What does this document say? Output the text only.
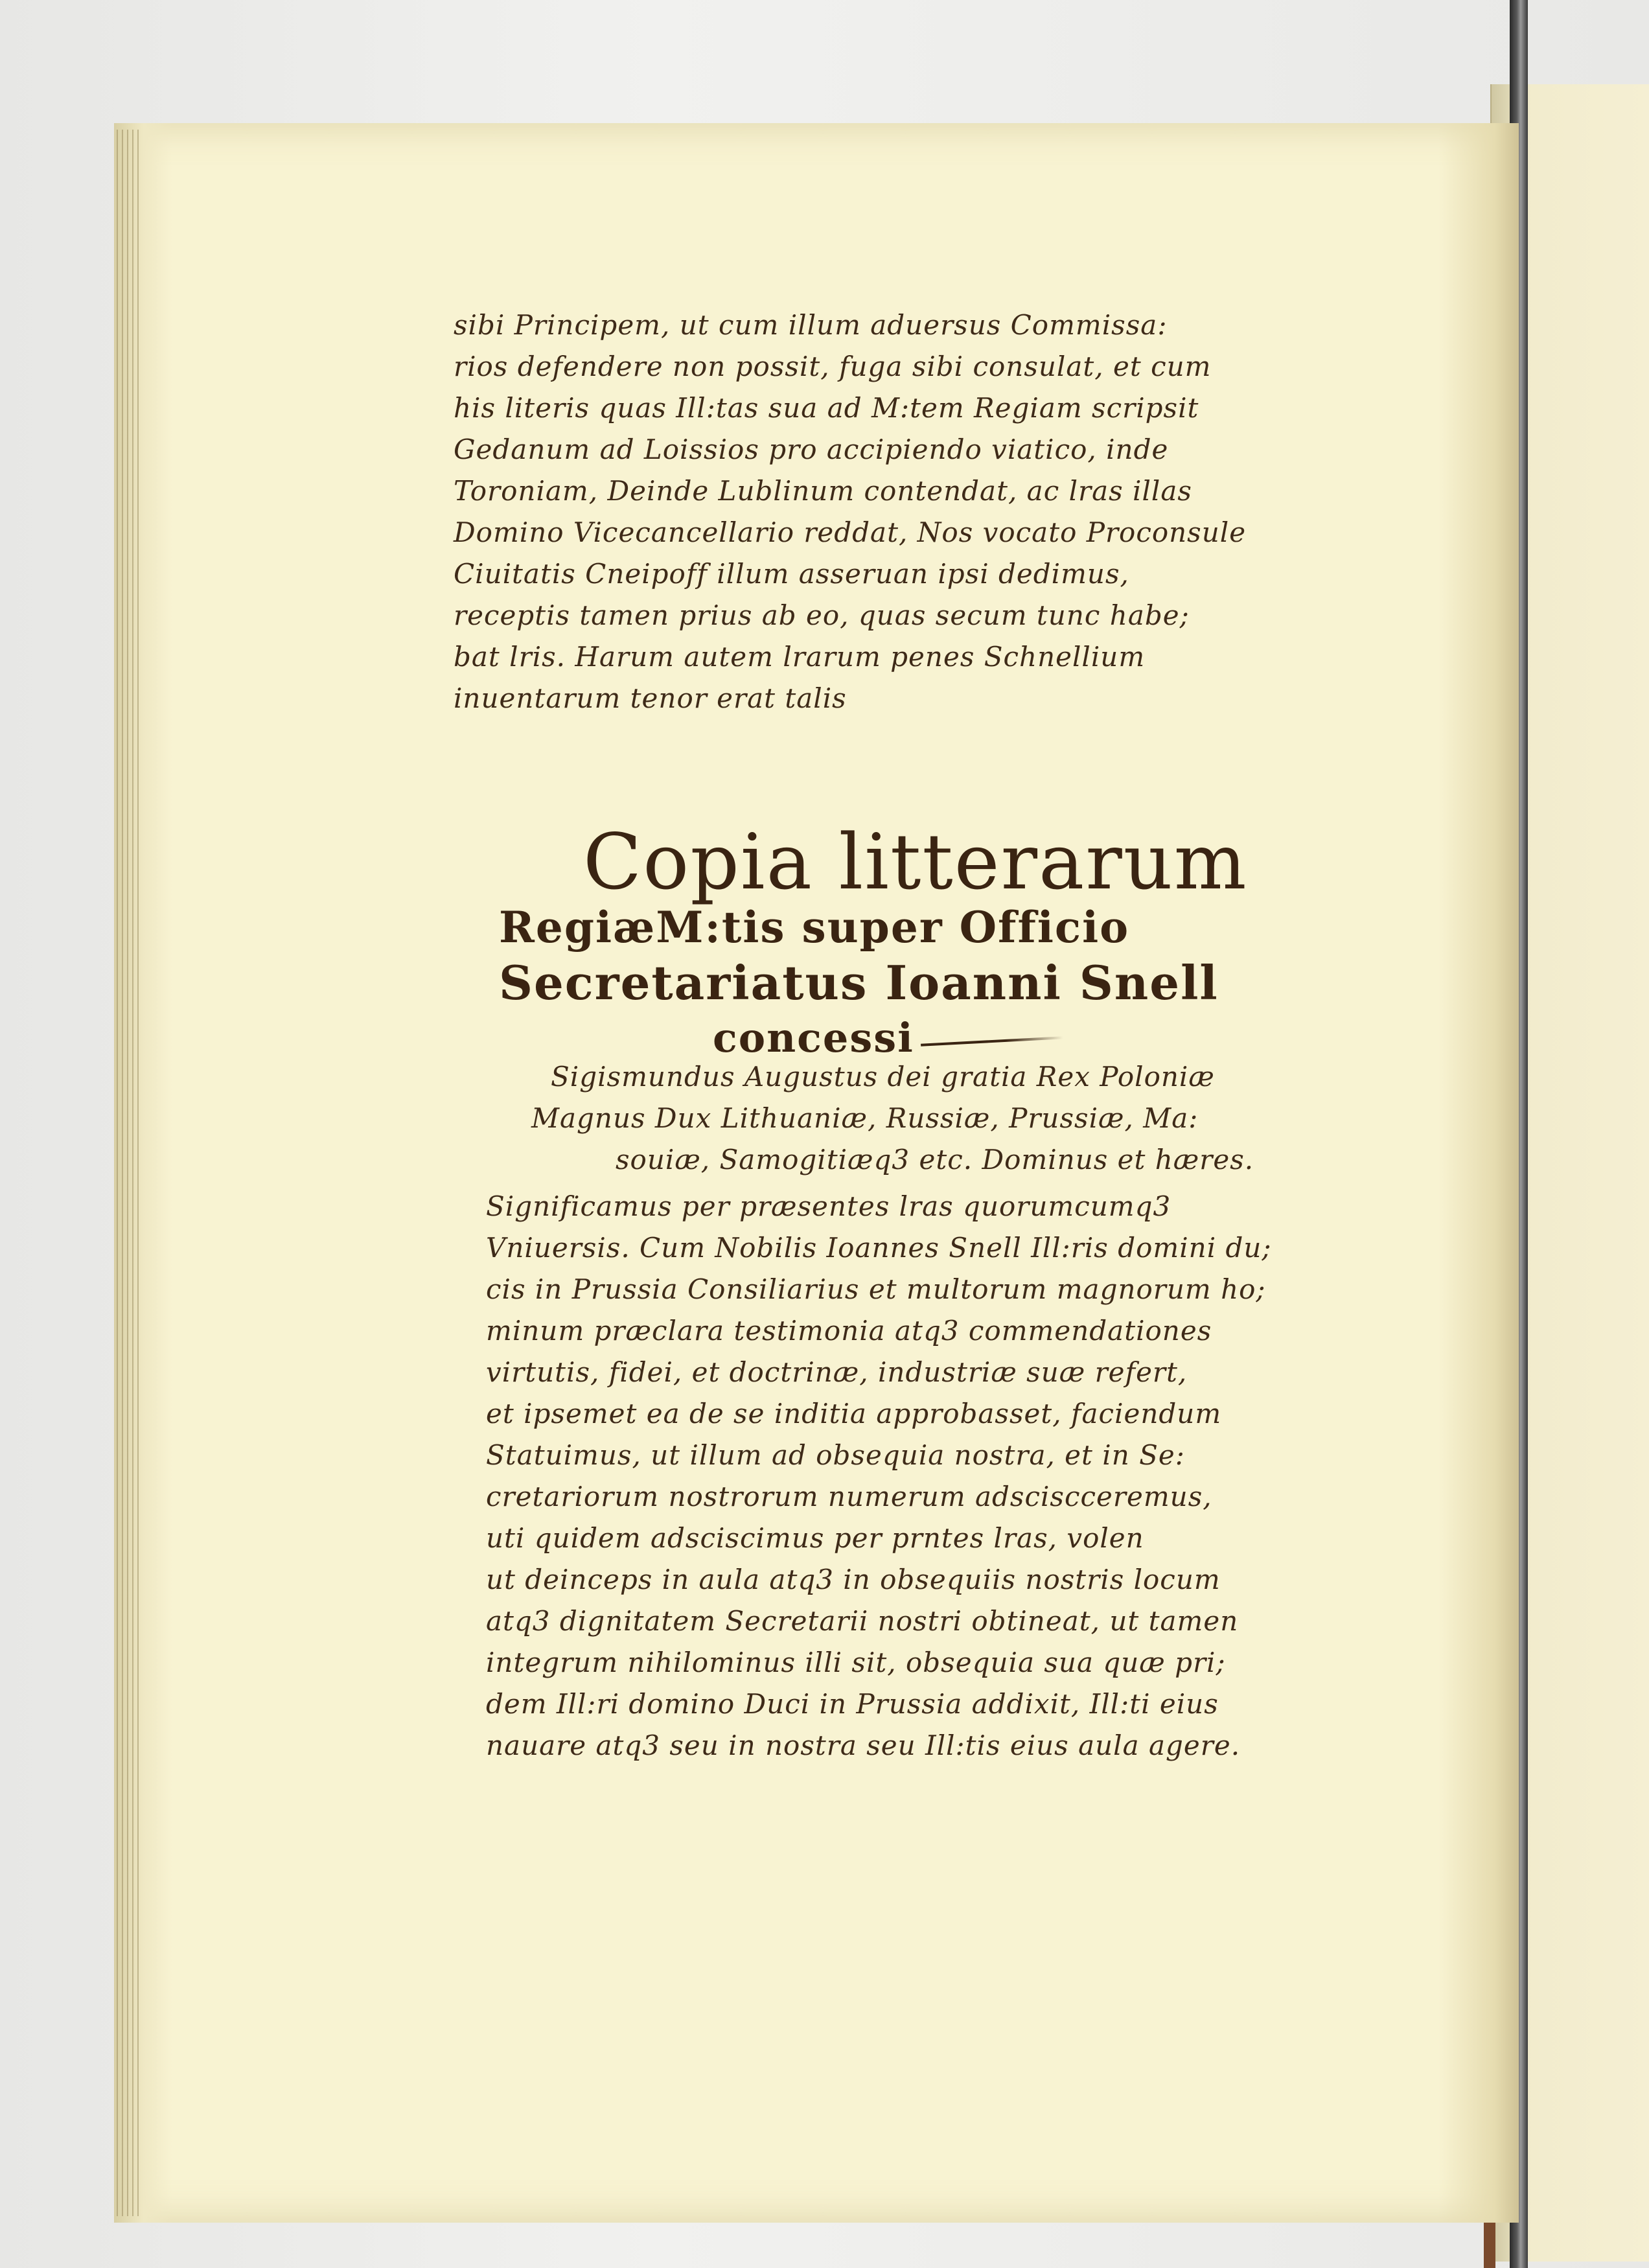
sibi Principem, ut cum illum aduersus Commissa:
rios defendere non possit, fuga sibi consulat, et cum
his literis quas Ill:tas sua ad M:tem Regiam scripsit
Gedanum ad Loissios pro accipiendo viatico, inde
Toroniam, Deinde Lublinum contendat, ac lras illas
Domino Vicecancellario reddat, Nos vocato Proconsule
Ciuitatis Cneipoff illum asseruan ipsi dedimus,
receptis tamen prius ab eo, quas secum tunc habe;
bat lris. Harum autem lrarum penes Schnellium
inuentarum tenor erat talis
Copia litterarum
RegiæM:tis super Officio
Secretariatus Ioanni Snell
concessi
Sigismundus Augustus dei gratia Rex Poloniæ
Magnus Dux Lithuaniæ, Russiæ, Prussiæ, Ma:
souiæ, Samogitiæq3 etc. Dominus et hæres.
Significamus per præsentes lras quorumcumq3
Vniuersis. Cum Nobilis Ioannes Snell Ill:ris domini du;
cis in Prussia Consiliarius et multorum magnorum ho;
minum præclara testimonia atq3 commendationes
virtutis, fidei, et doctrinæ, industriæ suæ refert,
et ipsemet ea de se inditia approbasset, faciendum
Statuimus, ut illum ad obsequia nostra, et in Se:
cretariorum nostrorum numerum adsciscceremus,
uti quidem adsciscimus per prntes lras, volen
ut deinceps in aula atq3 in obsequiis nostris locum
atq3 dignitatem Secretarii nostri obtineat, ut tamen
integrum nihilominus illi sit, obsequia sua quæ pri;
dem Ill:ri domino Duci in Prussia addixit, Ill:ti eius
nauare atq3 seu in nostra seu Ill:tis eius aula agere.
